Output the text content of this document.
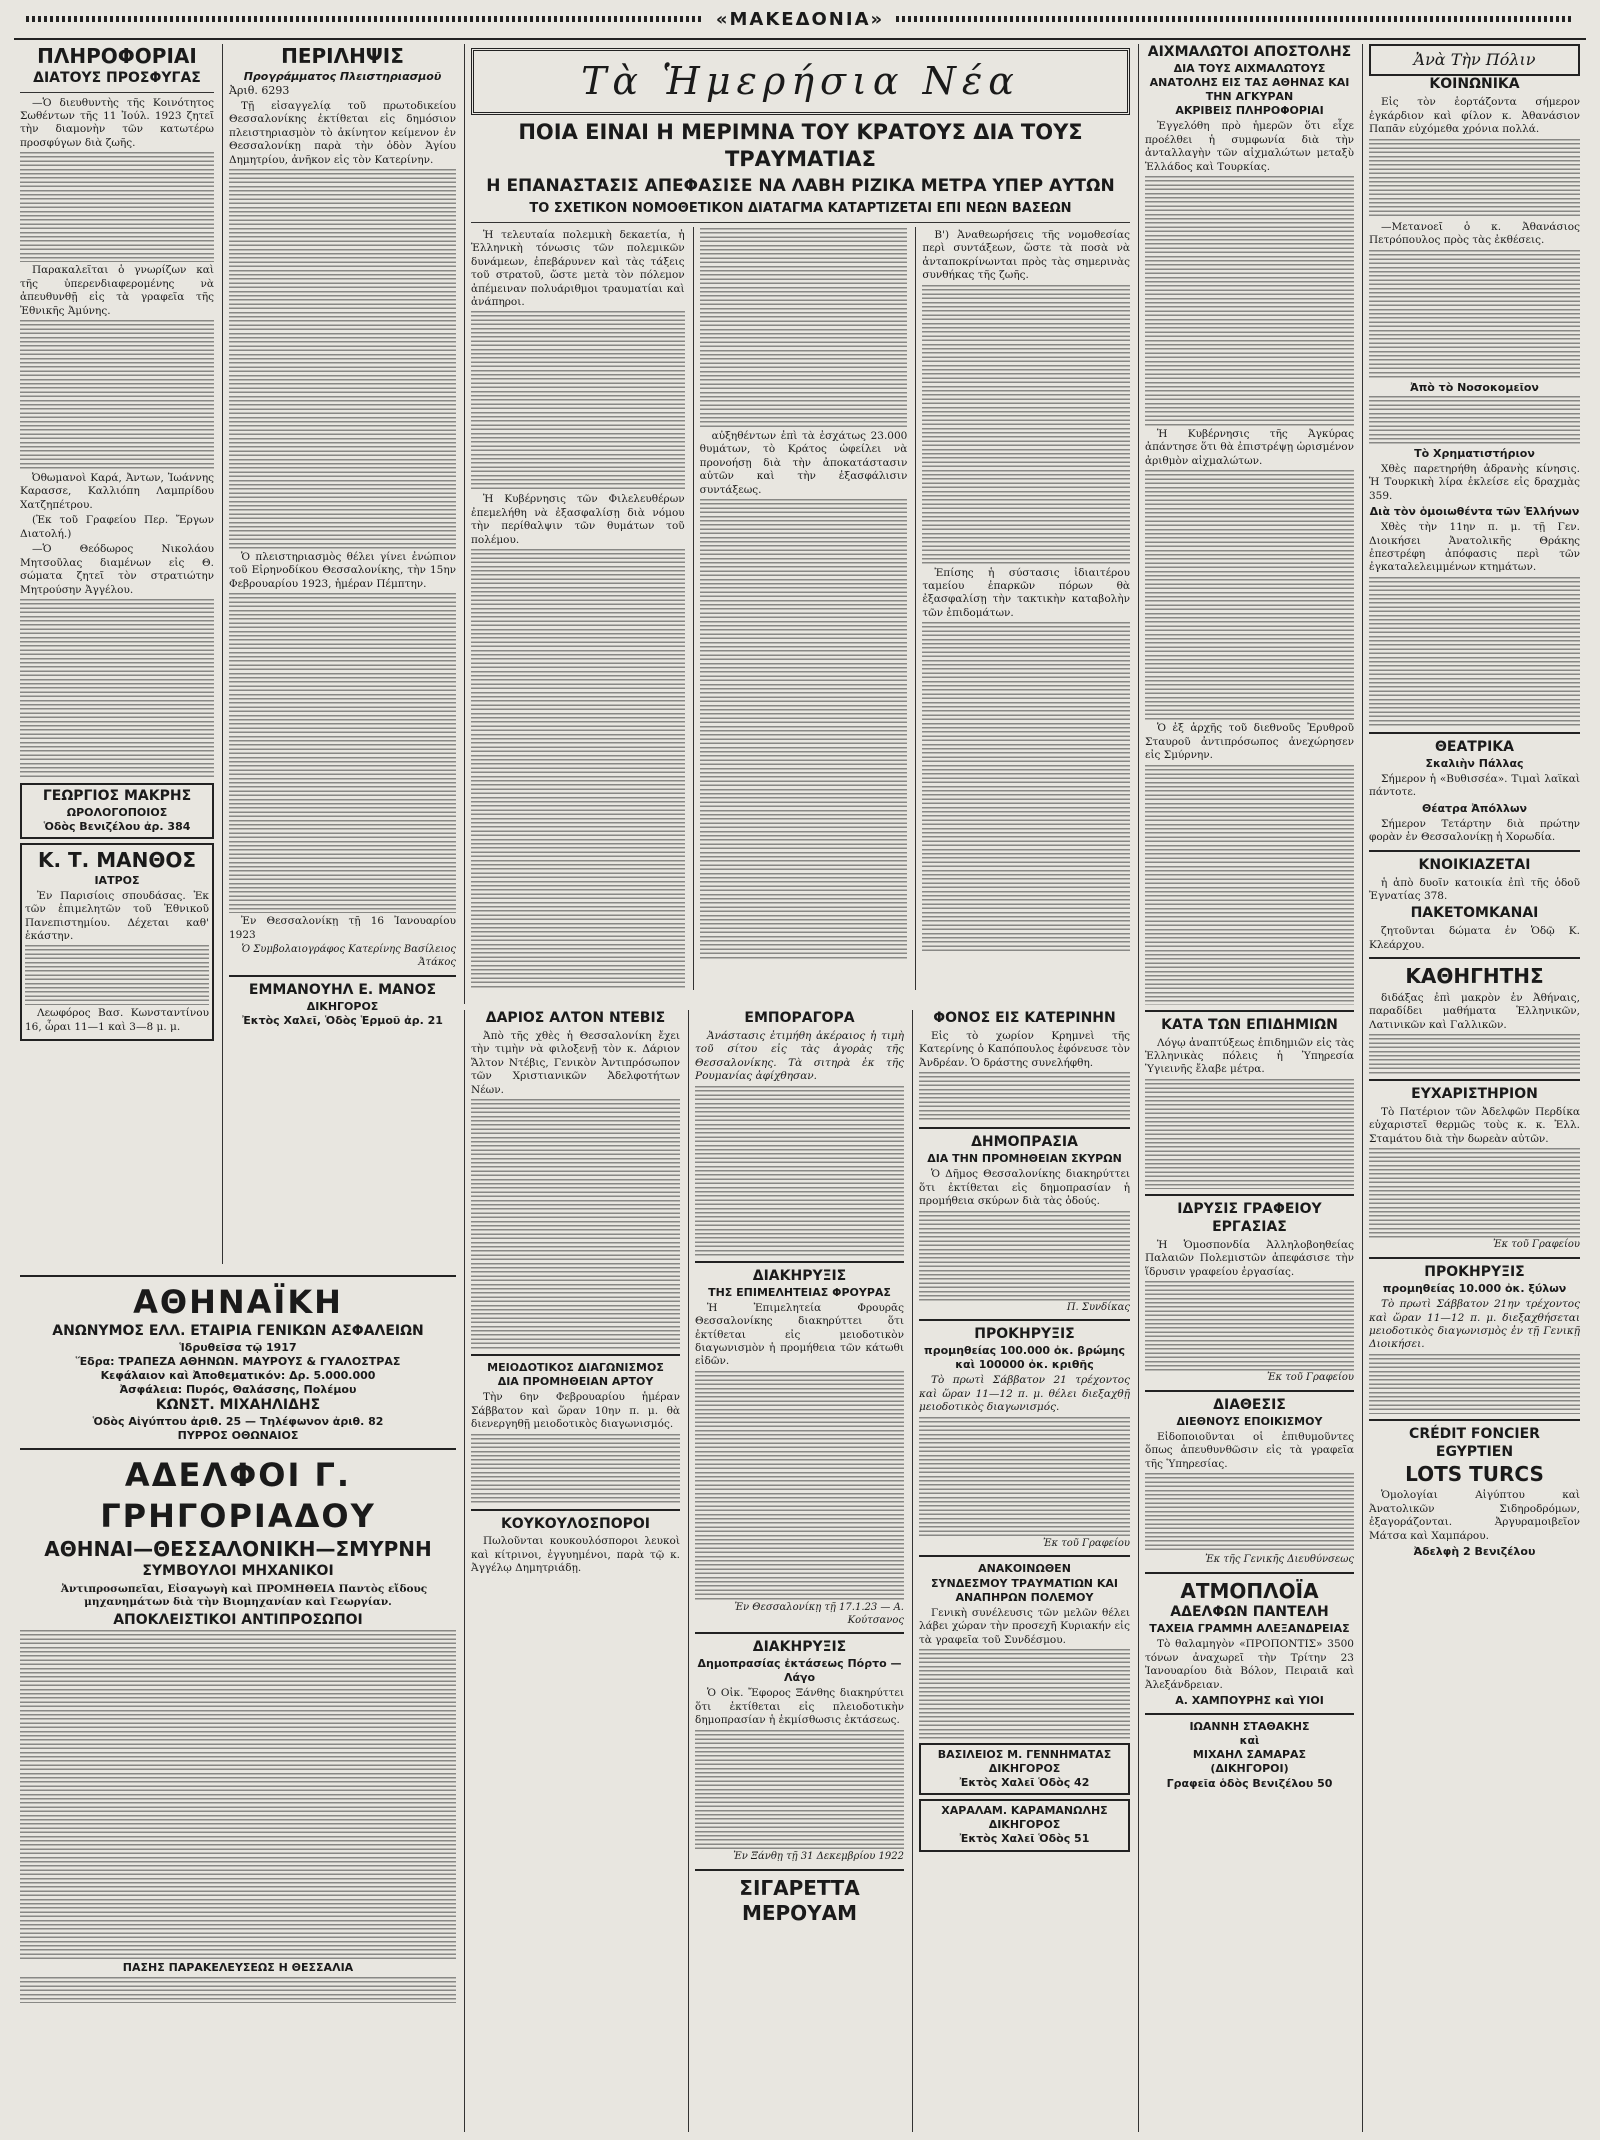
«ΜΑΚΕΔΟΝΙΑ»
ΠΛΗΡΟΦΟΡΙΑΙ
ΔΙΑΤΟΥΣ ΠΡΟΣΦΥΓΑΣ

—Ὁ διευθυντὴς τῆς Κοινότητος Σωθέντων τῆς 11 Ἰούλ. 1923 ζητεῖ τὴν διαμονὴν τῶν κατωτέρω προσφύγων διὰ ζωῆς.

Παρακαλεῖται ὁ γνωρίζων καὶ τῆς ὑπερενδιαφερομένης νὰ ἀπευθυνθῇ εἰς τὰ γραφεῖα τῆς Ἐθνικῆς Ἀμύνης.

Ὀθωμανοὶ Καρά, Ἀντων, Ἰωάννης Καρασσε, Καλλιόπη Λαμπρίδου Χατζηπέτρου.

(Ἐκ τοῦ Γραφείου Περ. Ἔργων Διατολή.)

—Ὁ Θεόδωρος Νικολάου Μητσοῦλας διαμένων εἰς Θ. σώματα ζητεῖ τὸν στρατιώτην Μητρούσην Ἀγγέλου.

ΓΕΩΡΓΙΟΣ ΜΑΚΡΗΣ
ΩΡΟΛΟΓΟΠΟΙΟΣ
Ὁδὸς Βενιζέλου ἀρ. 384
Κ. Τ. ΜΑΝΘΟΣ
ΙΑΤΡΟΣ

Ἐν Παρισίοις σπουδάσας. Ἐκ τῶν ἐπιμελητῶν τοῦ Ἐθνικοῦ Πανεπιστημίου. Δέχεται καθ' ἑκάστην.

Λεωφόρος Βασ. Κωνσταντίνου 16, ὧραι 11—1 καὶ 3—8 μ. μ.

ΠΕΡΙΛΗΨΙΣ
Προγράμματος Πλειστηριασμοῦ
Ἀριθ. 6293

Τῇ εἰσαγγελίᾳ τοῦ πρωτοδικείου Θεσσαλονίκης ἐκτίθεται εἰς δημόσιον πλειστηριασμὸν τὸ ἀκίνητον κείμενον ἐν Θεσσαλονίκῃ παρὰ τὴν ὁδὸν Ἁγίου Δημητρίου, ἀνῆκον εἰς τὸν Κατερίνην.

Ὁ πλειστηριασμὸς θέλει γίνει ἐνώπιον τοῦ Εἰρηνοδίκου Θεσσαλονίκης, τὴν 15ην Φεβρουαρίου 1923, ἡμέραν Πέμπτην.

Ἐν Θεσσαλονίκῃ τῇ 16 Ἰανουαρίου 1923

Ὁ Συμβολαιογράφος Κατερίνης Βασίλειος Ἀτάκος
ΕΜΜΑΝΟΥΗΛ Ε. ΜΑΝΟΣ
ΔΙΚΗΓΟΡΟΣ
Ἐκτὸς Χαλεῖ, Ὁδὸς Ἑρμοῦ ἀρ. 21
Τὰ Ἡμερήσια Νέα
ΠΟΙΑ ΕΙΝΑΙ Η ΜΕΡΙΜΝΑ ΤΟΥ ΚΡΑΤΟΥΣ ΔΙΑ ΤΟΥΣ ΤΡΑΥΜΑΤΙΑΣ
Η ΕΠΑΝΑΣΤΑΣΙΣ ΑΠΕΦΑΣΙΣΕ ΝΑ ΛΑΒΗ ΡΙΖΙΚΑ ΜΕΤΡΑ ΥΠΕΡ ΑΥΤΩΝ
ΤΟ ΣΧΕΤΙΚΟΝ ΝΟΜΟΘΕΤΙΚΟΝ ΔΙΑΤΑΓΜΑ ΚΑΤΑΡΤΙΖΕΤΑΙ ΕΠΙ ΝΕΩΝ ΒΑΣΕΩΝ

Ἡ τελευταία πολεμικὴ δεκαετία, ἡ Ἑλληνικὴ τόνωσις τῶν πολεμικῶν δυνάμεων, ἐπεβάρυνεν καὶ τὰς τάξεις τοῦ στρατοῦ, ὥστε μετὰ τὸν πόλεμον ἀπέμειναν πολυάριθμοι τραυματίαι καὶ ἀνάπηροι.

Ἡ Κυβέρνησις τῶν Φιλελευθέρων ἐπεμελήθη νὰ ἐξασφαλίσῃ διὰ νόμου τὴν περίθαλψιν τῶν θυμάτων τοῦ πολέμου.

αὐξηθέντων ἐπὶ τὰ ἐσχάτως 23.000 θυμάτων, τὸ Κράτος ὠφείλει νὰ προνοήσῃ διὰ τὴν ἀποκατάστασιν αὐτῶν καὶ τὴν ἐξασφάλισιν συντάξεως.

Β') Ἀναθεωρήσεις τῆς νομοθεσίας περὶ συντάξεων, ὥστε τὰ ποσὰ νὰ ἀνταποκρίνωνται πρὸς τὰς σημερινὰς συνθήκας τῆς ζωῆς.

Ἐπίσης ἡ σύστασις ἰδιαιτέρου ταμείου ἐπαρκῶν πόρων θὰ ἐξασφαλίσῃ τὴν τακτικὴν καταβολὴν τῶν ἐπιδομάτων.

ΔΑΡΙΟΣ ΑΛΤΟΝ ΝΤΕΒΙΣ

Ἀπὸ τῆς χθὲς ἡ Θεσσαλονίκη ἔχει τὴν τιμὴν νὰ φιλοξενῇ τὸν κ. Δάριον Ἄλτον Ντέβις, Γενικὸν Ἀντιπρόσωπον τῶν Χριστιανικῶν Ἀδελφοτήτων Νέων.

ΜΕΙΟΔΟΤΙΚΟΣ ΔΙΑΓΩΝΙΣΜΟΣ
ΔΙΑ ΠΡΟΜΗΘΕΙΑΝ ΑΡΤΟΥ

Τὴν 6ην Φεβρουαρίου ἡμέραν Σάββατον καὶ ὥραν 10ην π. μ. θὰ διενεργηθῇ μειοδοτικὸς διαγωνισμός.

ΚΟΥΚΟΥΛΟΣΠΟΡΟΙ

Πωλοῦνται κουκουλόσποροι λευκοὶ καὶ κίτρινοι, ἐγγυημένοι, παρὰ τῷ κ. Ἀγγέλῳ Δημητριάδῃ.

ΕΜΠΟΡΑΓΟΡΑ

Ἀνάστασις ἐτιμήθη ἀκέραιος ἡ τιμὴ τοῦ σίτου εἰς τὰς ἀγορὰς τῆς Θεσσαλονίκης. Τὰ σιτηρὰ ἐκ τῆς Ρουμανίας ἀφίχθησαν.

ΔΙΑΚΗΡΥΞΙΣ
ΤΗΣ ΕΠΙΜΕΛΗΤΕΙΑΣ ΦΡΟΥΡΑΣ

Ἡ Ἐπιμελητεία Φρουρᾶς Θεσσαλονίκης διακηρύττει ὅτι ἐκτίθεται εἰς μειοδοτικὸν διαγωνισμὸν ἡ προμήθεια τῶν κάτωθι εἰδῶν.

Ἐν Θεσσαλονίκῃ τῇ 17.1.23 — Α. Κούτσανος
ΔΙΑΚΗΡΥΞΙΣ
Δημοπρασίας ἐκτάσεως Πόρτο — Λάγο

Ὁ Οἰκ. Ἔφορος Ξάνθης διακηρύττει ὅτι ἐκτίθεται εἰς πλειοδοτικὴν δημοπρασίαν ἡ ἐκμίσθωσις ἐκτάσεως.

Ἐν Ξάνθῃ τῇ 31 Δεκεμβρίου 1922
ΣΙΓΑΡΕΤΤΑ ΜΕΡΟΥΑΜ
ΦΟΝΟΣ ΕΙΣ ΚΑΤΕΡΙΝΗΝ

Εἰς τὸ χωρίον Κρημνεὶ τῆς Κατερίνης ὁ Καπόπουλος ἐφόνευσε τὸν Ἀνδρέαν. Ὁ δράστης συνελήφθη.

ΔΗΜΟΠΡΑΣΙΑ
ΔΙΑ ΤΗΝ ΠΡΟΜΗΘΕΙΑΝ ΣΚΥΡΩΝ

Ὁ Δῆμος Θεσσαλονίκης διακηρύττει ὅτι ἐκτίθεται εἰς δημοπρασίαν ἡ προμήθεια σκύρων διὰ τὰς ὁδούς.

Π. Συνδίκας
ΠΡΟΚΗΡΥΞΙΣ
προμηθείας 100.000 ὀκ. βρώμης καὶ 100000 ὀκ. κριθῆς

Τὸ πρωτὶ Σάββατον 21 τρέχοντος καὶ ὥραν 11—12 π. μ. θέλει διεξαχθῇ μειοδοτικὸς διαγωνισμός.

Ἐκ τοῦ Γραφείου
ΑΝΑΚΟΙΝΩΘΕΝ
ΣΥΝΔΕΣΜΟΥ ΤΡΑΥΜΑΤΙΩΝ ΚΑΙ ΑΝΑΠΗΡΩΝ ΠΟΛΕΜΟΥ

Γενικὴ συνέλευσις τῶν μελῶν θέλει λάβει χώραν τὴν προσεχῆ Κυριακήν εἰς τὰ γραφεῖα τοῦ Συνδέσμου.

ΒΑΣΙΛΕΙΟΣ Μ. ΓΕΝΝΗΜΑΤΑΣ
ΔΙΚΗΓΟΡΟΣ
Ἐκτὸς Χαλεῖ Ὁδὸς 42
ΧΑΡΑΛΑΜ. ΚΑΡΑΜΑΝΩΛΗΣ
ΔΙΚΗΓΟΡΟΣ
Ἐκτὸς Χαλεῖ Ὁδὸς 51
ΑΘΗΝΑΪΚΗ
ΑΝΩΝΥΜΟΣ ΕΛΛ. ΕΤΑΙΡΙΑ ΓΕΝΙΚΩΝ ΑΣΦΑΛΕΙΩΝ
Ἱδρυθεῖσα τῷ 1917
Ἕδρα: ΤΡΑΠΕΖΑ ΑΘΗΝΩΝ. ΜΑΥΡΟΥΣ & ΓΥΑΛΟΣΤΡΑΣ
Κεφάλαιον καὶ Ἀποθεματικόν: Δρ. 5.000.000
Ἀσφάλεια: Πυρός, Θαλάσσης, Πολέμου
ΚΩΝΣΤ. ΜΙΧΑΗΛΙΔΗΣ
Ὁδὸς Αἰγύπτου ἀριθ. 25 — Τηλέφωνον ἀριθ. 82
ΠΥΡΡΟΣ ΟΘΩΝΑΙΟΣ
ΑΔΕΛΦΟΙ Γ. ΓΡΗΓΟΡΙΑΔΟΥ
ΑΘΗΝΑΙ—ΘΕΣΣΑΛΟΝΙΚΗ—ΣΜΥΡΝΗ
ΣΥΜΒΟΥΛΟΙ ΜΗΧΑΝΙΚΟΙ

Ἀντιπροσωπεῖαι, Εἰσαγωγὴ καὶ ΠΡΟΜΗΘΕΙΑ Παντὸς εἴδους μηχανημάτων διὰ τὴν Βιομηχανίαν καὶ Γεωργίαν.

ΑΠΟΚΛΕΙΣΤΙΚΟΙ ΑΝΤΙΠΡΟΣΩΠΟΙ
ΠΑΣΗΣ ΠΑΡΑΚΕΛΕΥΣΕΩΣ Η ΘΕΣΣΑΛΙΑ
ΑΙΧΜΑΛΩΤΟΙ ΑΠΟΣΤΟΛΗΣ
ΔΙΑ ΤΟΥΣ ΑΙΧΜΑΛΩΤΟΥΣ ΑΝΑΤΟΛΗΣ ΕΙΣ ΤΑΣ ΑΘΗΝΑΣ ΚΑΙ ΤΗΝ ΑΓΚΥΡΑΝ
ΑΚΡΙΒΕΙΣ ΠΛΗΡΟΦΟΡΙΑΙ

Ἐγγελόθη πρὸ ἡμερῶν ὅτι εἶχε προέλθει ἡ συμφωνία διὰ τὴν ἀνταλλαγὴν τῶν αἰχμαλώτων μεταξὺ Ἑλλάδος καὶ Τουρκίας.

Ἡ Κυβέρνησις τῆς Ἀγκύρας ἀπάντησε ὅτι θὰ ἐπιστρέψῃ ὡρισμένον ἀριθμὸν αἰχμαλώτων.

Ὁ ἐξ ἀρχῆς τοῦ διεθνοῦς Ἐρυθροῦ Σταυροῦ ἀντιπρόσωπος ἀνεχώρησεν εἰς Σμύρνην.

ΚΑΤΑ ΤΩΝ ΕΠΙΔΗΜΙΩΝ

Λόγῳ ἀναπτύξεως ἐπιδημιῶν εἰς τὰς Ἑλληνικὰς πόλεις ἡ Ὑπηρεσία Ὑγιεινῆς ἔλαβε μέτρα.

ΙΔΡΥΣΙΣ ΓΡΑΦΕΙΟΥ ΕΡΓΑΣΙΑΣ

Ἡ Ὁμοσπονδία Ἀλληλοβοηθείας Παλαιῶν Πολεμιστῶν ἀπεφάσισε τὴν ἵδρυσιν γραφείου ἐργασίας.

Ἐκ τοῦ Γραφείου
ΔΙΑΘΕΣΙΣ
ΔΙΕΘΝΟΥΣ ΕΠΟΙΚΙΣΜΟΥ

Εἰδοποιοῦνται οἱ ἐπιθυμοῦντες ὅπως ἀπευθυνθῶσιν εἰς τὰ γραφεῖα τῆς Ὑπηρεσίας.

Ἐκ τῆς Γενικῆς Διευθύνσεως
ΑΤΜΟΠΛΟΪΑ
ΑΔΕΛΦΩΝ ΠΑΝΤΕΛΗ
ΤΑΧΕΙΑ ΓΡΑΜΜΗ ΑΛΕΞΑΝΔΡΕΙΑΣ

Τὸ θαλαμηγὸν «ΠΡΟΠΟΝΤΙΣ» 3500 τόνων ἀναχωρεῖ τὴν Τρίτην 23 Ἰανουαρίου διὰ Βόλον, Πειραιᾶ καὶ Ἀλεξάνδρειαν.

Α. ΧΑΜΠΟΥΡΗΣ καὶ ΥΙΟΙ
ΙΩΑΝΝΗ ΣΤΑΘΑΚΗΣ
καὶ
ΜΙΧΑΗΛ ΣΑΜΑΡΑΣ
(ΔΙΚΗΓΟΡΟΙ)
Γραφεῖα ὁδὸς Βενιζέλου 50
Ἀνὰ Τὴν Πόλιν
ΚΟΙΝΩΝΙΚΑ

Εἰς τὸν ἑορτάζοντα σήμερον ἐγκάρδιον καὶ φίλον κ. Ἀθανάσιον Παπᾶν εὐχόμεθα χρόνια πολλά.

—Μετανοεῖ ὁ κ. Ἀθανάσιος Πετρόπουλος πρὸς τὰς ἐκθέσεις.

Ἀπὸ τὸ Νοσοκομεῖον
Τὸ Χρηματιστήριον

Χθὲς παρετηρήθη ἀδρανὴς κίνησις. Ἡ Τουρκικὴ λίρα ἐκλείσε εἰς δραχμὰς 359.

Διὰ τὸν ὁμοιωθέντα τῶν Ἑλλήνων

Χθὲς τὴν 11ην π. μ. τῇ Γεν. Διοικήσει Ἀνατολικῆς Θράκης ἐπεστρέφη ἀπόφασις περὶ τῶν ἐγκαταλελειμμένων κτημάτων.

ΘΕΑΤΡΙΚΑ
Σκαλιὴν Πάλλας

Σήμερον ἡ «Βυθισσέα». Τιμαὶ λαϊκαὶ πάντοτε.

Θέατρα Ἀπόλλων

Σήμερον Τετάρτην διὰ πρώτην φορὰν ἐν Θεσσαλονίκῃ ἡ Χορωδία.

ΚΝΟΙΚΙΑΖΕΤΑΙ

ἡ ἀπὸ δυοῖν κατοικία ἐπὶ τῆς ὁδοῦ Ἐγνατίας 378.

ΠΑΚΕΤΟΜΚΑΝΑΙ

ζητοῦνται δώματα ἐν Ὁδῷ Κ. Κλεάρχου.

ΚΑΘΗΓΗΤΗΣ

διδάξας ἐπὶ μακρὸν ἐν Ἀθήναις, παραδίδει μαθήματα Ἑλληνικῶν, Λατινικῶν καὶ Γαλλικῶν.

ΕΥΧΑΡΙΣΤΗΡΙΟΝ

Τὸ Πατέριον τῶν Ἀδελφῶν Περδίκα εὐχαριστεῖ θερμῶς τοὺς κ. κ. Ἐλλ. Σταμάτου διὰ τὴν δωρεὰν αὐτῶν.

Ἐκ τοῦ Γραφείου
ΠΡΟΚΗΡΥΞΙΣ
προμηθείας 10.000 ὀκ. ξύλων

Τὸ πρωτὶ Σάββατον 21ην τρέχοντος καὶ ὥραν 11—12 π. μ. διεξαχθήσεται μειοδοτικὸς διαγωνισμὸς ἐν τῇ Γενικῇ Διοικήσει.

CRÉDIT FONCIER EGYPTIEN
LOTS TURCS

Ὁμολογίαι Αἰγύπτου καὶ Ἀνατολικῶν Σιδηροδρόμων, ἐξαγοράζονται. Ἀργυραμοιβεῖον Μάτσα καὶ Χαμπάρου.

Ἀδελφὴ 2 Βενιζέλου
